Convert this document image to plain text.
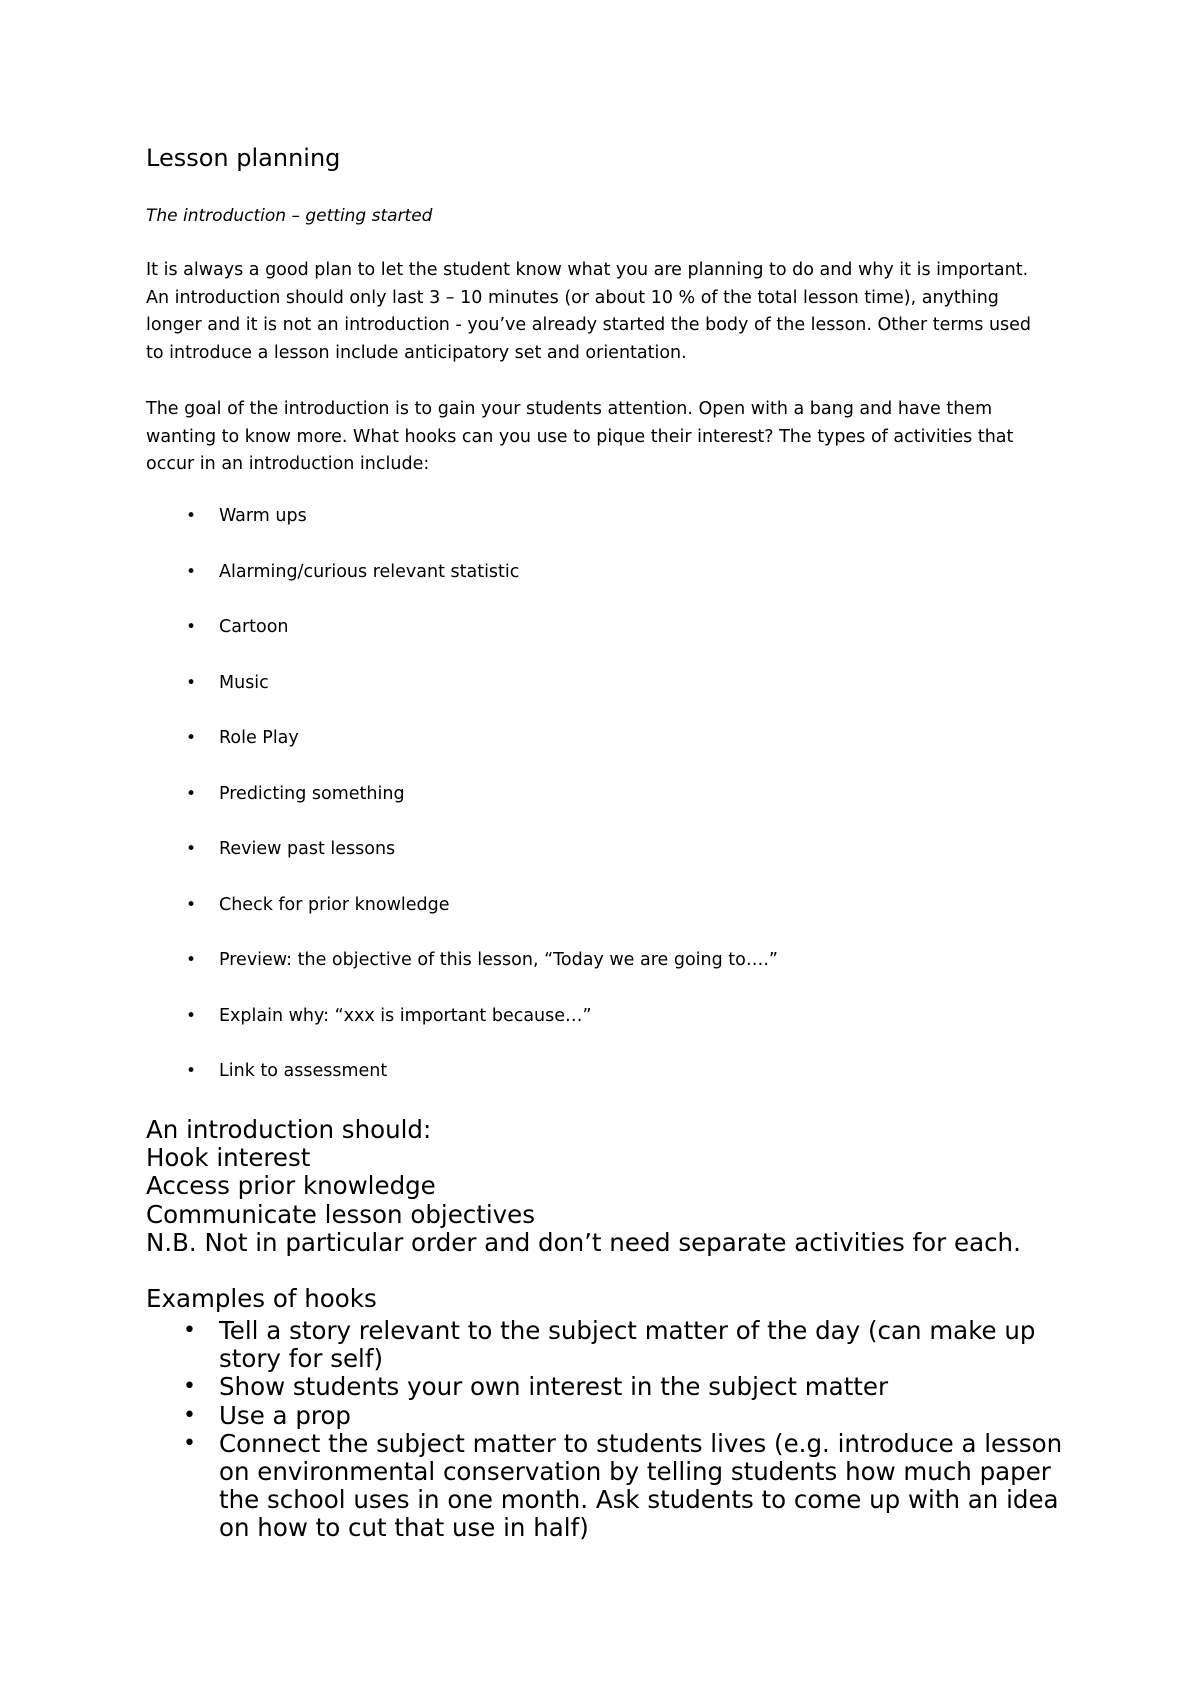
Lesson planning
The introduction – getting started
It is always a good plan to let the student know what you are planning to do and why it is important.
An introduction should only last 3 – 10 minutes (or about 10 % of the total lesson time), anything
longer and it is not an introduction - you’ve already started the body of the lesson. Other terms used
to introduce a lesson include anticipatory set and orientation.
The goal of the introduction is to gain your students attention. Open with a bang and have them
wanting to know more. What hooks can you use to pique their interest? The types of activities that
occur in an introduction include:
• Warm ups
• Alarming/curious relevant statistic
• Cartoon
• Music
• Role Play
• Predicting something
• Review past lessons
• Check for prior knowledge
• Preview: the objective of this lesson, “Today we are going to….”
• Explain why: “xxx is important because…”
• Link to assessment
An introduction should:
Hook interest
Access prior knowledge
Communicate lesson objectives
N.B. Not in particular order and don’t need separate activities for each.
Examples of hooks
• Tell a story relevant to the subject matter of the day (can make up
story for self)
• Show students your own interest in the subject matter
• Use a prop
• Connect the subject matter to students lives (e.g. introduce a lesson
on environmental conservation by telling students how much paper
the school uses in one month. Ask students to come up with an idea
on how to cut that use in half)
